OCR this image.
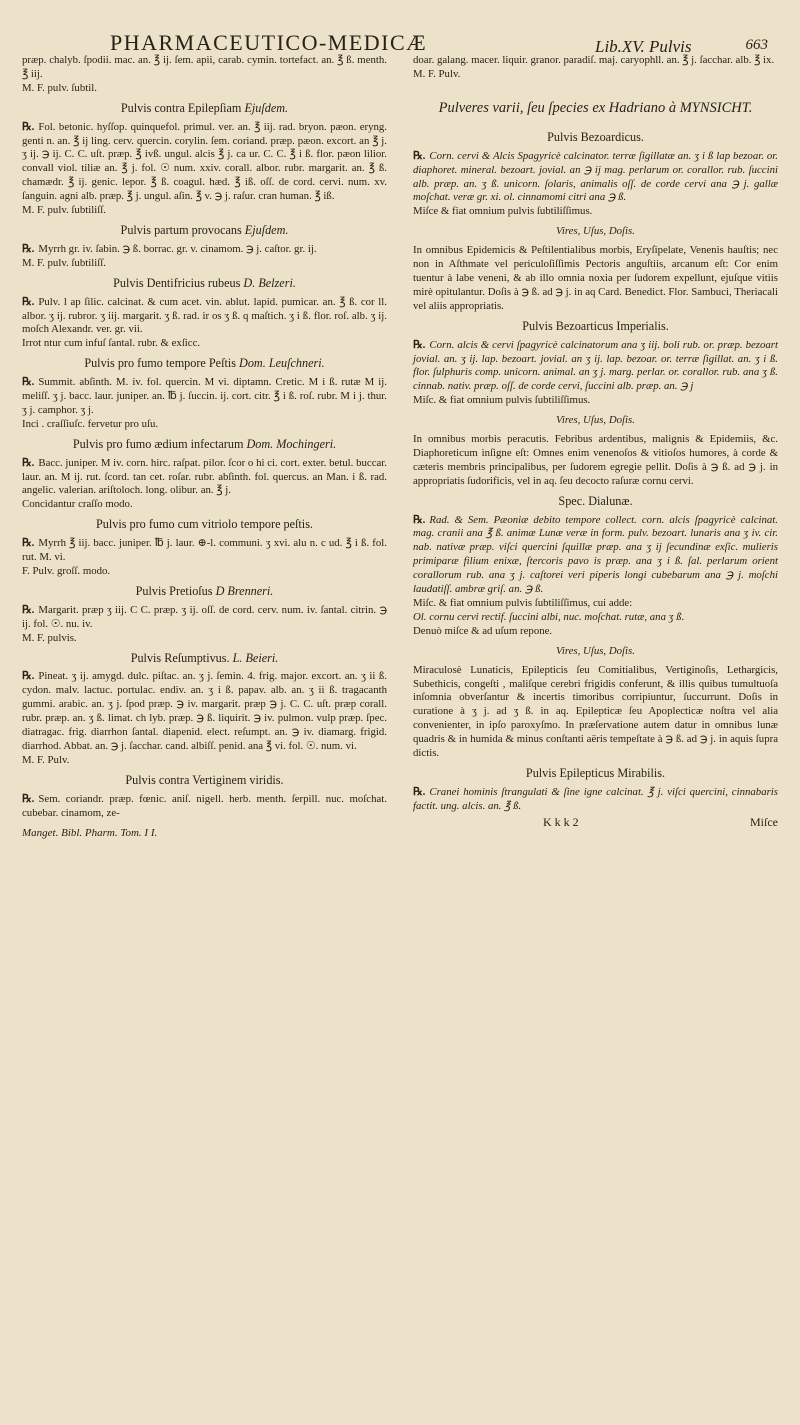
PHARMACEUTICO-MEDICÆ	Lib.XV. Pulvis	663

præp. chalyb. ſpodii. mac. an. ℥ ij. ſem. apii, carab. cymin. tortefact. an. ℥ ß. menth. ℥ iij.

M. F. pulv. ſubtil.

Pulvis contra Epilepſiam Ejuſdem.

℞. Fol. betonic. hyſſop. quinquefol. primul. ver. an. ℥ iij. rad. bryon. pæon. eryng. genti n. an. ℥ ij ling. cerv. quercin. corylin. ſem. coriand. præp. pæon. excort. an ℥ j. ʒ ij. ℈ ij. C. C. uſt. præp. ℥ ivß. ungul. alcis ℥ j. ca ur. C. C. ℥ i ß. flor. pæon lilior. convall viol. tiliæ an. ℥ j. fol. ☉ num. xxiv. corall. albor. rubr. margarit. an. ℥ ß. chamædr. ℥ ij. genic. lepor. ℥ ß. coagul. hæd. ℥ iß. oſſ. de cord. cervi. num. xv. ſanguin. agni alb. præp. ℥ j. ungul. aſin. ℥ v. ℈ j. raſur. cran human. ℥ iß.

M. F. pulv. ſubtiliſſ.

Pulvis partum provocans Ejuſdem.

℞. Myrrh gr. iv. ſabin. ℈ ß. borrac. gr. v. cinamom. ℈ j. caſtor. gr. ij.

M. F. pulv. ſubtiliſſ.

Pulvis Dentifricius rubeus D. Belzeri.

℞. Pulv. l ap ſilic. calcinat. & cum acet. vin. ablut. lapid. pumicar. an. ℥ ß. cor ll. albor. ʒ ij. rubror. ʒ iij. margarit. ʒ ß. rad. ir os ʒ ß. q maſtich. ʒ i ß. flor. roſ. alb. ʒ ij. moſch Alexandr. ver. gr. vii.

Irrot ntur cum infuſ ſantal. rubr. & exſicc.

Pulvis pro fumo tempore Peſtis Dom. Leuſchneri.

℞. Summit. abſinth. M. iv. fol. quercin. M vi. diptamn. Cretic. M i ß. rutæ M ij. meliſſ. ʒ j. bacc. laur. juniper. an. ℔ j. ſuccin. ij. cort. citr. ℥ i ß. roſ. rubr. M i j. thur. ʒ j. camphor. ʒ j.

Inci . craſſiuſc. fervetur pro uſu.

Pulvis pro fumo ædium infectarum Dom. Mochingeri.

℞. Bacc. juniper. M iv. corn. hirc. raſpat. pilor. ſcor o hi ci. cort. exter. betul. buccar. laur. an. M ij. rut. ſcord. tan cet. roſar. rubr. abſinth. fol. quercus. an Man. i ß. rad. angelic. valerian. ariſtoloch. long. olibur. an. ℥ j.

Concidantur craſſo modo.

Pulvis pro fumo cum vitriolo tempore peſtis.

℞. Myrrh ℥ iij. bacc. juniper. ℔ j. laur. ⊕-l. communi. ʒ xvi. alu n. c ud. ℥ i ß. fol. rut. M. vi.

F. Pulv. groſſ. modo.

Pulvis Pretioſus D Brenneri.

℞. Margarit. præp ʒ iij. C C. præp. ʒ ij. oſſ. de cord. cerv. num. iv. ſantal. citrin. ℈ ij. fol. ☉. nu. iv.

M. F. pulvis.

Pulvis Reſumptivus. L. Beieri.

℞. Pineat. ʒ ij. amygd. dulc. piſtac. an. ʒ j. ſemin. 4. frig. major. excort. an. ʒ ii ß. cydon. malv. lactuc. portulac. endiv. an. ʒ i ß. papav. alb. an. ʒ ii ß. tragacanth gummi. arabic. an. ʒ j. ſpod præp. ℈ iv. margarit. præp ℈ j. C. C. uſt. præp corall. rubr. præp. an. ʒ ß. limat. ch lyb. præp. ℈ ß. liquirit. ℈ iv. pulmon. vulp præp. ſpec. diatragac. frig. diarrhon ſantal. diapenid. elect. reſumpt. an. ℈ iv. diamarg. frigid. diarrhod. Abbat. an. ℈ j. ſacchar. cand. albiſſ. penid. ana ℥ vi. fol. ☉. num. vi.

M. F. Pulv.

Pulvis contra Vertiginem viridis.

℞. Sem. coriandr. præp. fœnic. aniſ. nigell. herb. menth. ſerpill. nuc. moſchat. cubebar. cinamom, ze-

Manget. Bibl. Pharm. Tom. I I.

doar. galang. macer. liquir. granor. paradiſ. maj. caryophll. an. ℥ j. ſacchar. alb. ℥ ix.

M. F. Pulv.

Pulveres varii, ſeu ſpecies ex Hadriano à MYNSICHT.
Pulvis Bezoardicus.

℞. Corn. cervi & Alcis Spagyricè calcinator. terræ ſigillatæ an. ʒ i ß lap bezoar. or. diaphoret. mineral. bezoart. jovial. an ℈ ij mag. perlarum or. corallor. rub. ſuccini alb. præp. an. ʒ ß. unicorn. ſolaris, animalis oſſ. de corde cervi ana ℈ j. gallæ moſchat. veræ gr. xi. ol. cinnamomi citri ana ℈ ß.

Miſce & fiat omnium pulvis ſubtiliſſimus.

Vires, Uſus, Doſis.

In omnibus Epidemicis & Peſtilentialibus morbis, Eryſipelate, Venenis hauſtis; nec non in Aſthmate vel periculoſiſſimis Pectoris anguſtiis, arcanum eſt: Cor enim tuentur à labe veneni, & ab illo omnia noxia per ſudorem expellunt, ejuſque vitiis mirè opitulantur. Doſis à ℈ ß. ad ℈ j. in aq Card. Benedict. Flor. Sambuci, Theriacali vel aliis appropriatis.

Pulvis Bezoarticus Imperialis.

℞. Corn. alcis & cervi ſpagyricè calcinatorum ana ʒ iij. boli rub. or. præp. bezoart jovial. an. ʒ ij. lap. bezoart. jovial. an ʒ ij. lap. bezoar. or. terræ ſigillat. an. ʒ i ß. flor. ſulphuris comp. unicorn. animal. an ʒ j. marg. perlar. or. corallor. rub. ana ʒ ß. cinnab. nativ. præp. oſſ. de corde cervi, ſuccini alb. præp. an. ℈ j

Miſc. & fiat omnium pulvis ſubtiliſſimus.

Vires, Uſus, Doſis.

In omnibus morbis peracutis. Febribus ardentibus, malignis & Epidemiis, &c. Diaphoreticum inſigne eſt: Omnes enim venenoſos & vitioſos humores, à corde & cæteris membris principalibus, per ſudorem egregie pellit. Doſis à ℈ ß. ad ℈ j. in appropriatis ſudorificis, vel in aq. ſeu decocto raſuræ cornu cervi.

Spec. Dialunæ.

℞. Rad. & Sem. Pæoniæ debito tempore collect. corn. alcis ſpagyricè calcinat. mag. cranii ana ℥ ß. animæ Lunæ veræ in form. pulv. bezoart. lunaris ana ʒ iv. cir. nab. nativæ præp. viſci quercini ſquillæ præp. ana ʒ ij ſecundinæ exſic. mulieris primiparæ filium enixæ, ſtercoris pavo is præp. ana ʒ i ß. ſal. perlarum orient corallorum rub. ana ʒ j. caſtorei veri piperis longi cubebarum ana ℈ j. moſchi laudatiſſ. ambræ griſ. an. ℈ ß.

Miſc. & fiat omnium pulvis ſubtiliſſimus, cui adde:

Ol. cornu cervi rectif. ſuccini albi, nuc. moſchat. rutæ, ana ʒ ß.

Denuò miſce & ad uſum repone.

Vires, Uſus, Doſis.

Miraculosè Lunaticis, Epilepticis ſeu Comitialibus, Vertiginoſis, Lethargicis, Subethicis, congeſti , maliſque cerebri frigidis conferunt, & illis quibus tumultuoſa inſomnia obverſantur & incertis timoribus corripiuntur, ſuccurrunt. Doſis in curatione à ʒ j. ad ʒ ß. in aq. Epilepticæ ſeu Apoplecticæ noſtra vel alia convenienter, in ipſo paroxyſmo. In præſervatione autem datur in omnibus lunæ quadris & in humida & minus conſtanti aëris tempeſtate à ℈ ß. ad ℈ j. in aquis ſupra dictis.

Pulvis Epilepticus Mirabilis.

℞. Cranei hominis ſtrangulati & ſine igne calcinat. ℥ j. viſci quercini, cinnabaris factit. ung. alcis. an. ℥ ß.

K k k 2	Miſce
